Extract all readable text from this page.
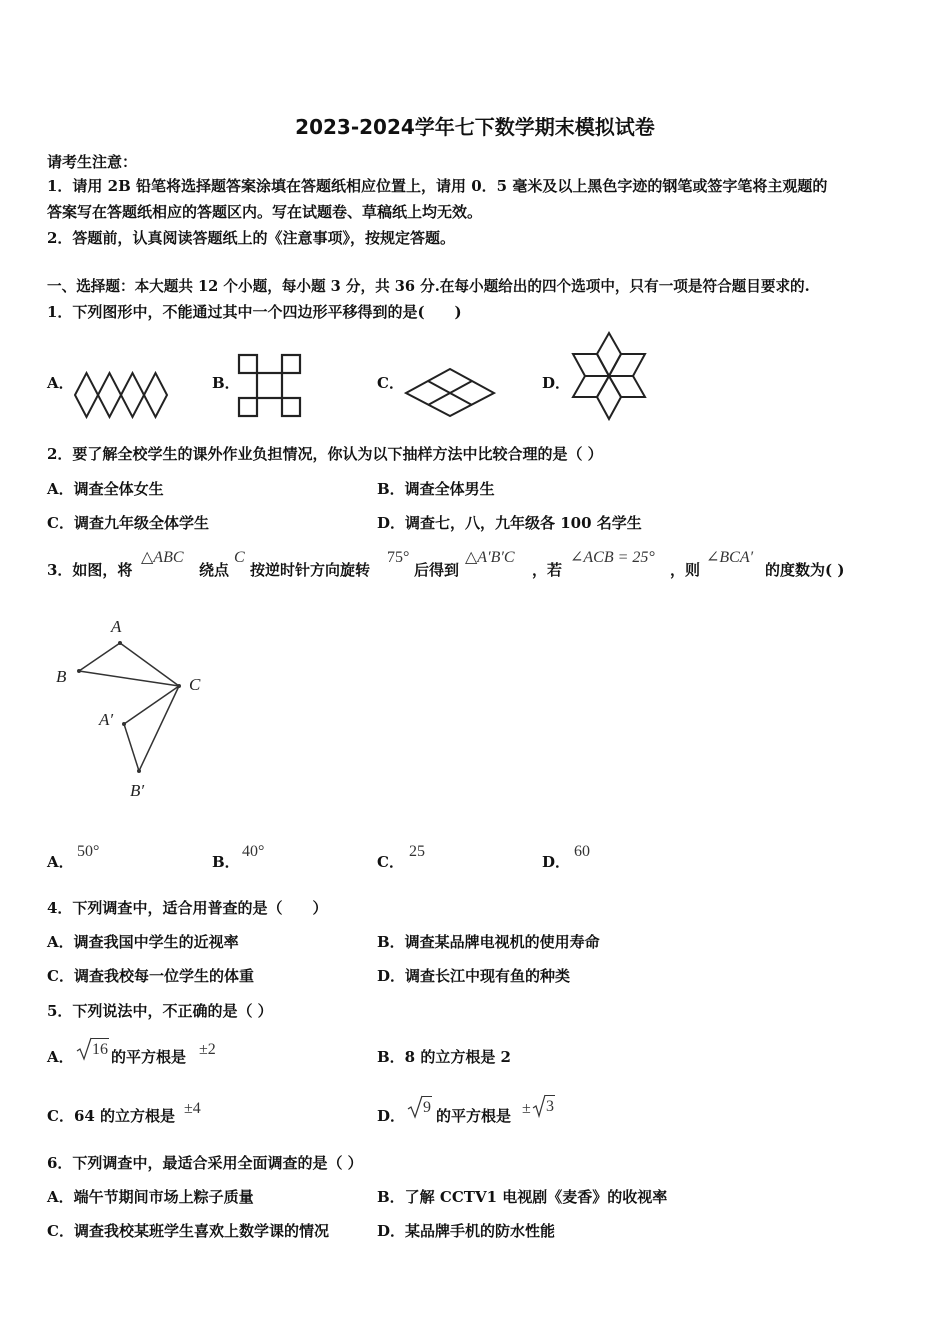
2023-2024学年七下数学期末模拟试卷
请考生注意：
1．请用 2B 铅笔将选择题答案涂填在答题纸相应位置上，请用 0．5 毫米及以上黑色字迹的钢笔或签字笔将主观题的
答案写在答题纸相应的答题区内。写在试题卷、草稿纸上均无效。
2．答题前，认真阅读答题纸上的《注意事项》，按规定答题。
一、选择题：本大题共 12 个小题，每小题 3 分，共 36 分.在每小题给出的四个选项中，只有一项是符合题目要求的.
1．下列图形中，不能通过其中一个四边形平移得到的是(　　)
A．	B．	C．	D．
2．要了解全校学生的课外作业负担情况，你认为以下抽样方法中比较合理的是（ ）
A．调查全体女生	B．调查全体男生
C．调查九年级全体学生	D．调查七，八，九年级各 100 名学生
3．如图，将
△ABC
绕点
C
按逆时针方向旋转
75°
后得到
△A′B′C
，若
∠ACB = 25°
，则
∠BCA′
的度数为( )
A
B	C
A′
B′
A．
50°
B．
40°
C．
25
D．
60
4．下列调查中，适合用普查的是（　　）
A．调查我国中学生的近视率	B．调查某品牌电视机的使用寿命
C．调查我校每一位学生的体重	D．调查长江中现有鱼的种类
5．下列说法中，不正确的是（ ）
A． 16 的平方根是 ±2	B．8 的立方根是 2
C．64 的立方根是 ±4	D． 9 的平方根是 ± 3
6．下列调查中，最适合采用全面调查的是（ ）
A．端午节期间市场上粽子质量	B．了解 CCTV1 电视剧《麦香》的收视率
C．调查我校某班学生喜欢上数学课的情况	D．某品牌手机的防水性能
